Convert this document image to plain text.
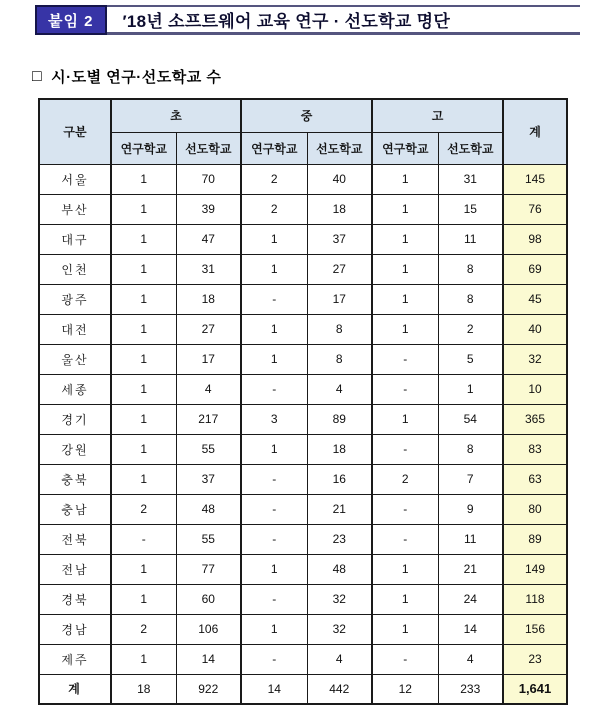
붙임 2	′18년 소프트웨어 교육 연구 · 선도학교 명단
□ 시·도별 연구·선도학교 수
구분	초		중		고		계
	연구학교	선도학교	연구학교	선도학교	연구학교	선도학교	
서울	1	70	2	40	1	31	145
부산	1	39	2	18	1	15	76
대구	1	47	1	37	1	11	98
인천	1	31	1	27	1	8	69
광주	1	18	-	17	1	8	45
대전	1	27	1	8	1	2	40
울산	1	17	1	8	-	5	32
세종	1	4	-	4	-	1	10
경기	1	217	3	89	1	54	365
강원	1	55	1	18	-	8	83
충북	1	37	-	16	2	7	63
충남	2	48	-	21	-	9	80
전북	-	55	-	23	-	11	89
전남	1	77	1	48	1	21	149
경북	1	60	-	32	1	24	118
경남	2	106	1	32	1	14	156
제주	1	14	-	4	-	4	23
계	18	922	14	442	12	233	1,641
